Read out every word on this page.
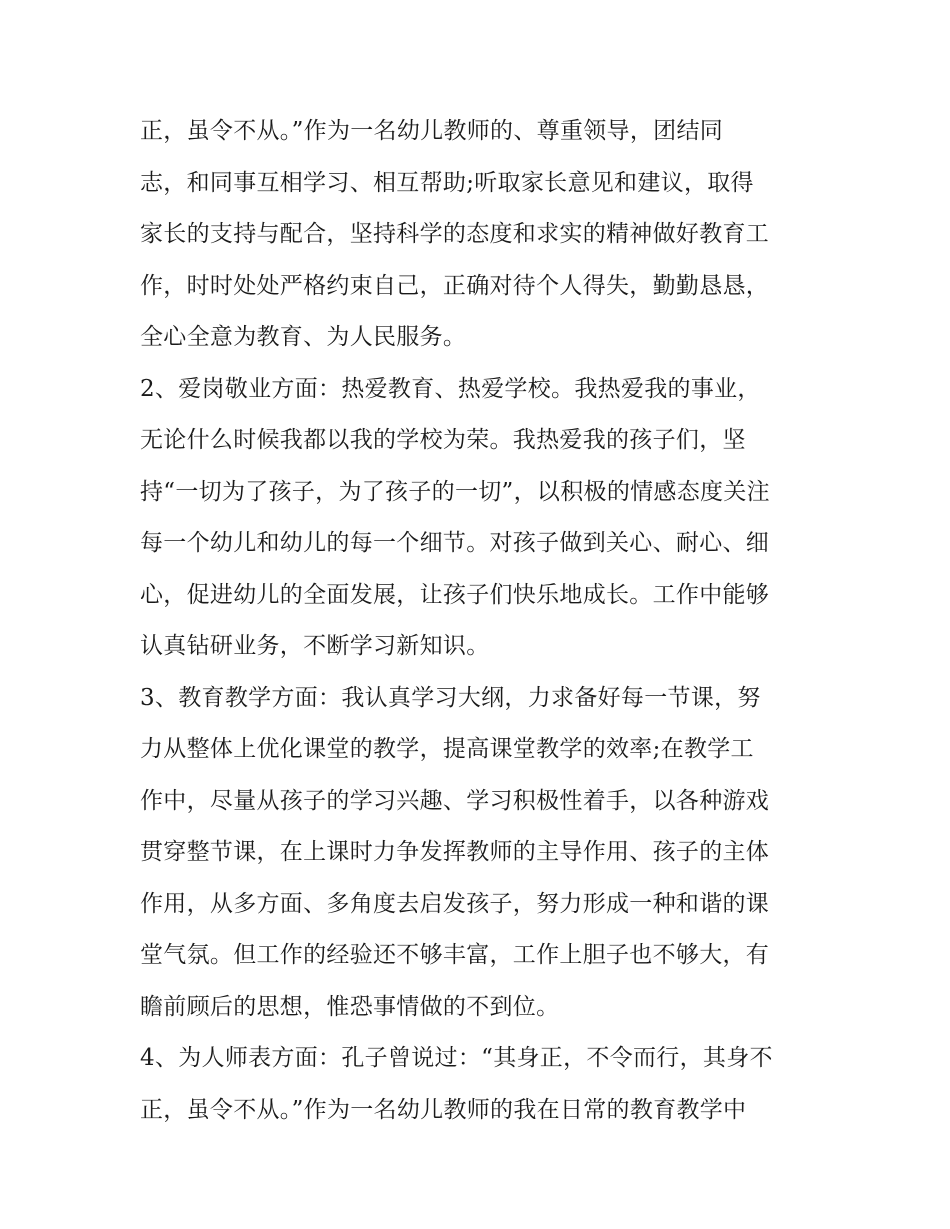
正，虽令不从。”作为一名幼儿教师的、尊重领导，团结同
志，和同事互相学习、相互帮助;听取家长意见和建议，取得
家长的支持与配合，坚持科学的态度和求实的精神做好教育工
作，时时处处严格约束自己，正确对待个人得失，勤勤恳恳，
全心全意为教育、为人民服务。
2、爱岗敬业方面：热爱教育、热爱学校。我热爱我的事业，
无论什么时候我都以我的学校为荣。我热爱我的孩子们，坚
持“一切为了孩子，为了孩子的一切”，以积极的情感态度关注
每一个幼儿和幼儿的每一个细节。对孩子做到关心、耐心、细
心，促进幼儿的全面发展，让孩子们快乐地成长。工作中能够
认真钻研业务，不断学习新知识。
3、教育教学方面：我认真学习大纲，力求备好每一节课，努
力从整体上优化课堂的教学，提高课堂教学的效率;在教学工
作中，尽量从孩子的学习兴趣、学习积极性着手，以各种游戏
贯穿整节课，在上课时力争发挥教师的主导作用、孩子的主体
作用，从多方面、多角度去启发孩子，努力形成一种和谐的课
堂气氛。但工作的经验还不够丰富，工作上胆子也不够大，有
瞻前顾后的思想，惟恐事情做的不到位。
4、为人师表方面：孔子曾说过：“其身正，不令而行，其身不
正，虽令不从。”作为一名幼儿教师的我在日常的教育教学中
